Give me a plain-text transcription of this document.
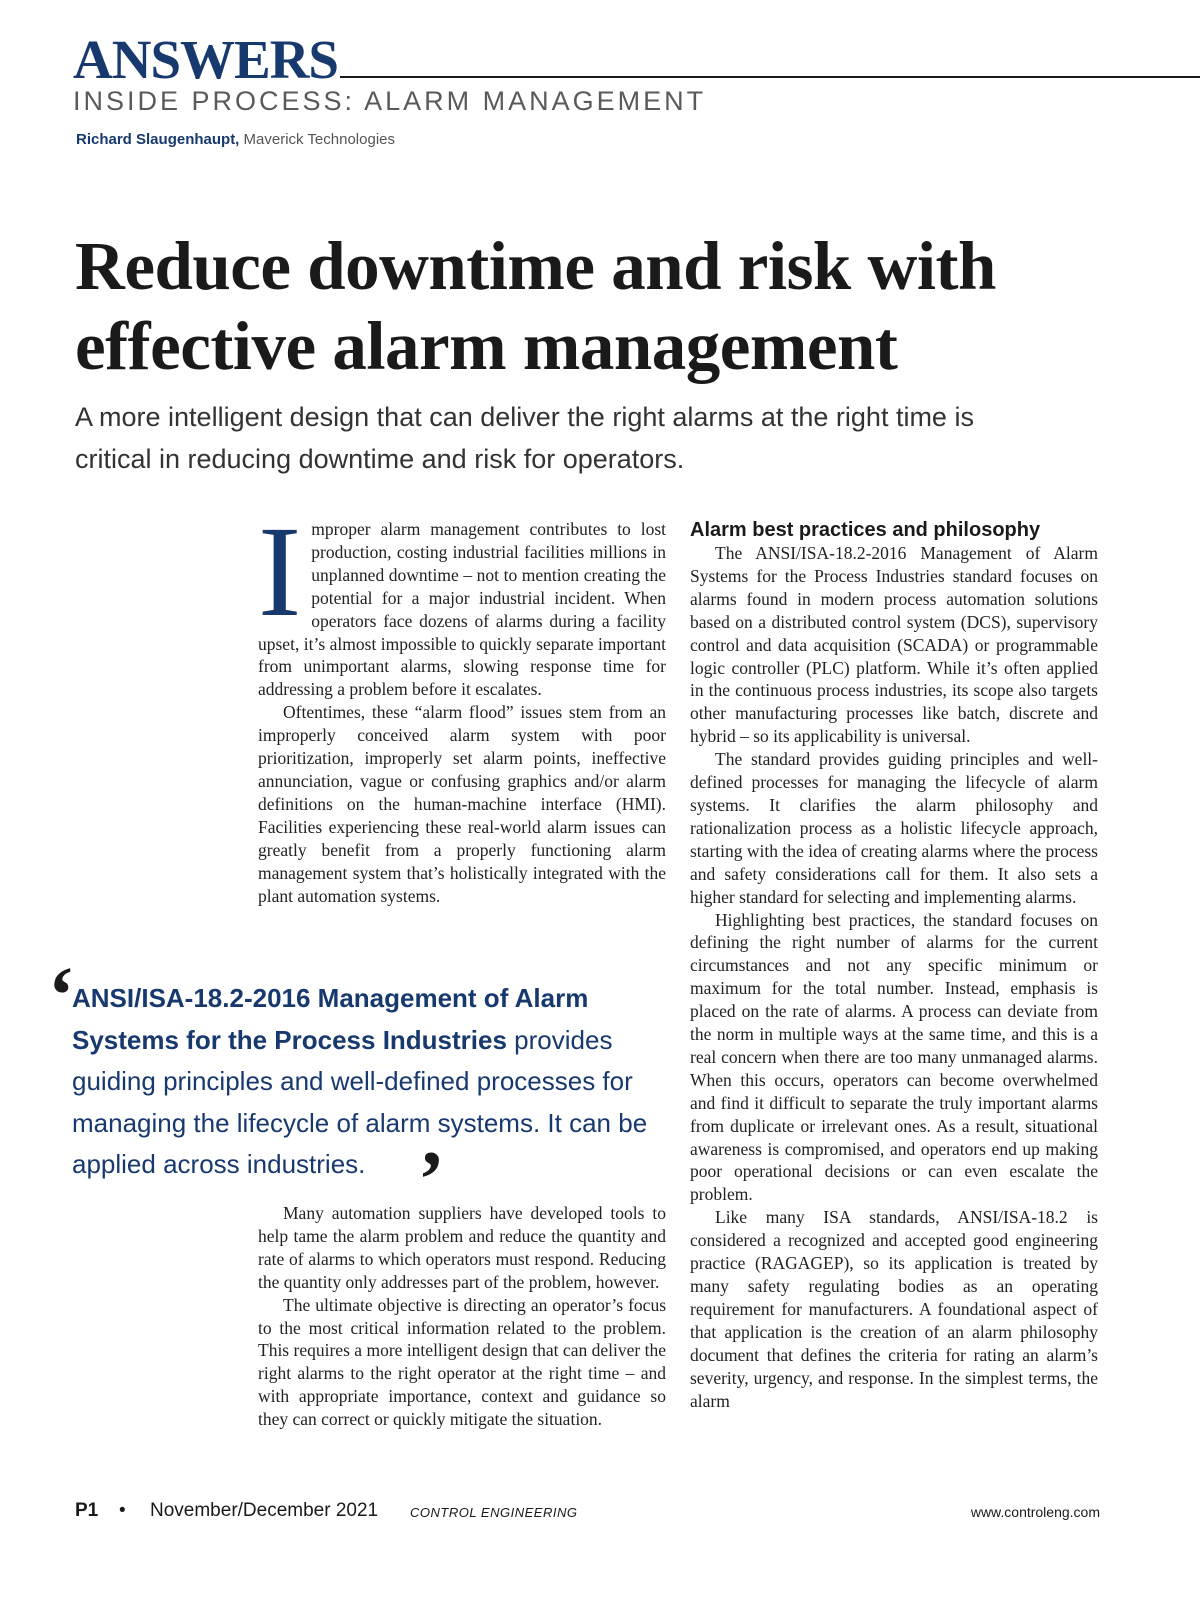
ANSWERS
INSIDE PROCESS: ALARM MANAGEMENT
Richard Slaugenhaupt, Maverick Technologies
Reduce downtime and risk with effective alarm management

A more intelligent design that can deliver the right alarms at the right time is critical in reducing downtime and risk for operators.

Improper alarm management contributes to lost production, costing industrial facilities millions in unplanned downtime – not to mention creating the potential for a major industrial incident. When operators face dozens of alarms during a facility upset, it’s almost impossible to quickly separate important from unimportant alarms, slowing response time for addressing a problem before it escalates.

Oftentimes, these “alarm flood” issues stem from an improperly conceived alarm system with poor prioritization, improperly set alarm points, ineffective annunciation, vague or confusing graphics and/or alarm definitions on the human-machine interface (HMI). Facilities experiencing these real-world alarm issues can greatly benefit from a properly functioning alarm management system that’s holistically integrated with the plant automation systems.

‘
ANSI/ISA-18.2-2016 Management of Alarm Systems for the Process Industries provides guiding principles and well-defined processes for managing the lifecycle of alarm systems. It can be applied across industries. ’

Many automation suppliers have developed tools to help tame the alarm problem and reduce the quantity and rate of alarms to which operators must respond. Reducing the quantity only addresses part of the problem, however.

The ultimate objective is directing an operator’s focus to the most critical information related to the problem. This requires a more intelligent design that can deliver the right alarms to the right operator at the right time – and with appropriate importance, context and guidance so they can correct or quickly mitigate the situation.

Alarm best practices and philosophy

The ANSI/ISA-18.2-2016 Management of Alarm Systems for the Process Industries standard focuses on alarms found in modern process automation solutions based on a distributed control system (DCS), supervisory control and data acquisition (SCADA) or programmable logic controller (PLC) platform. While it’s often applied in the continuous process industries, its scope also targets other manufacturing processes like batch, discrete and hybrid – so its applicability is universal.

The standard provides guiding principles and well-defined processes for managing the lifecycle of alarm systems. It clarifies the alarm philosophy and rationalization process as a holistic lifecycle approach, starting with the idea of creating alarms where the process and safety considerations call for them. It also sets a higher standard for selecting and implementing alarms.

Highlighting best practices, the standard focuses on defining the right number of alarms for the current circumstances and not any specific minimum or maximum for the total number. Instead, emphasis is placed on the rate of alarms. A process can deviate from the norm in multiple ways at the same time, and this is a real concern when there are too many unmanaged alarms. When this occurs, operators can become overwhelmed and find it difficult to separate the truly important alarms from duplicate or irrelevant ones. As a result, situational awareness is compromised, and operators end up making poor operational decisions or can even escalate the problem.

Like many ISA standards, ANSI/ISA-18.2 is considered a recognized and accepted good engineering practice (RAGAGEP), so its application is treated by many safety regulating bodies as an operating requirement for manufacturers. A foundational aspect of that application is the creation of an alarm philosophy document that defines the criteria for rating an alarm’s severity, urgency, and response. In the simplest terms, the alarm

P1 • November/December 2021 CONTROL ENGINEERING	www.controleng.com
